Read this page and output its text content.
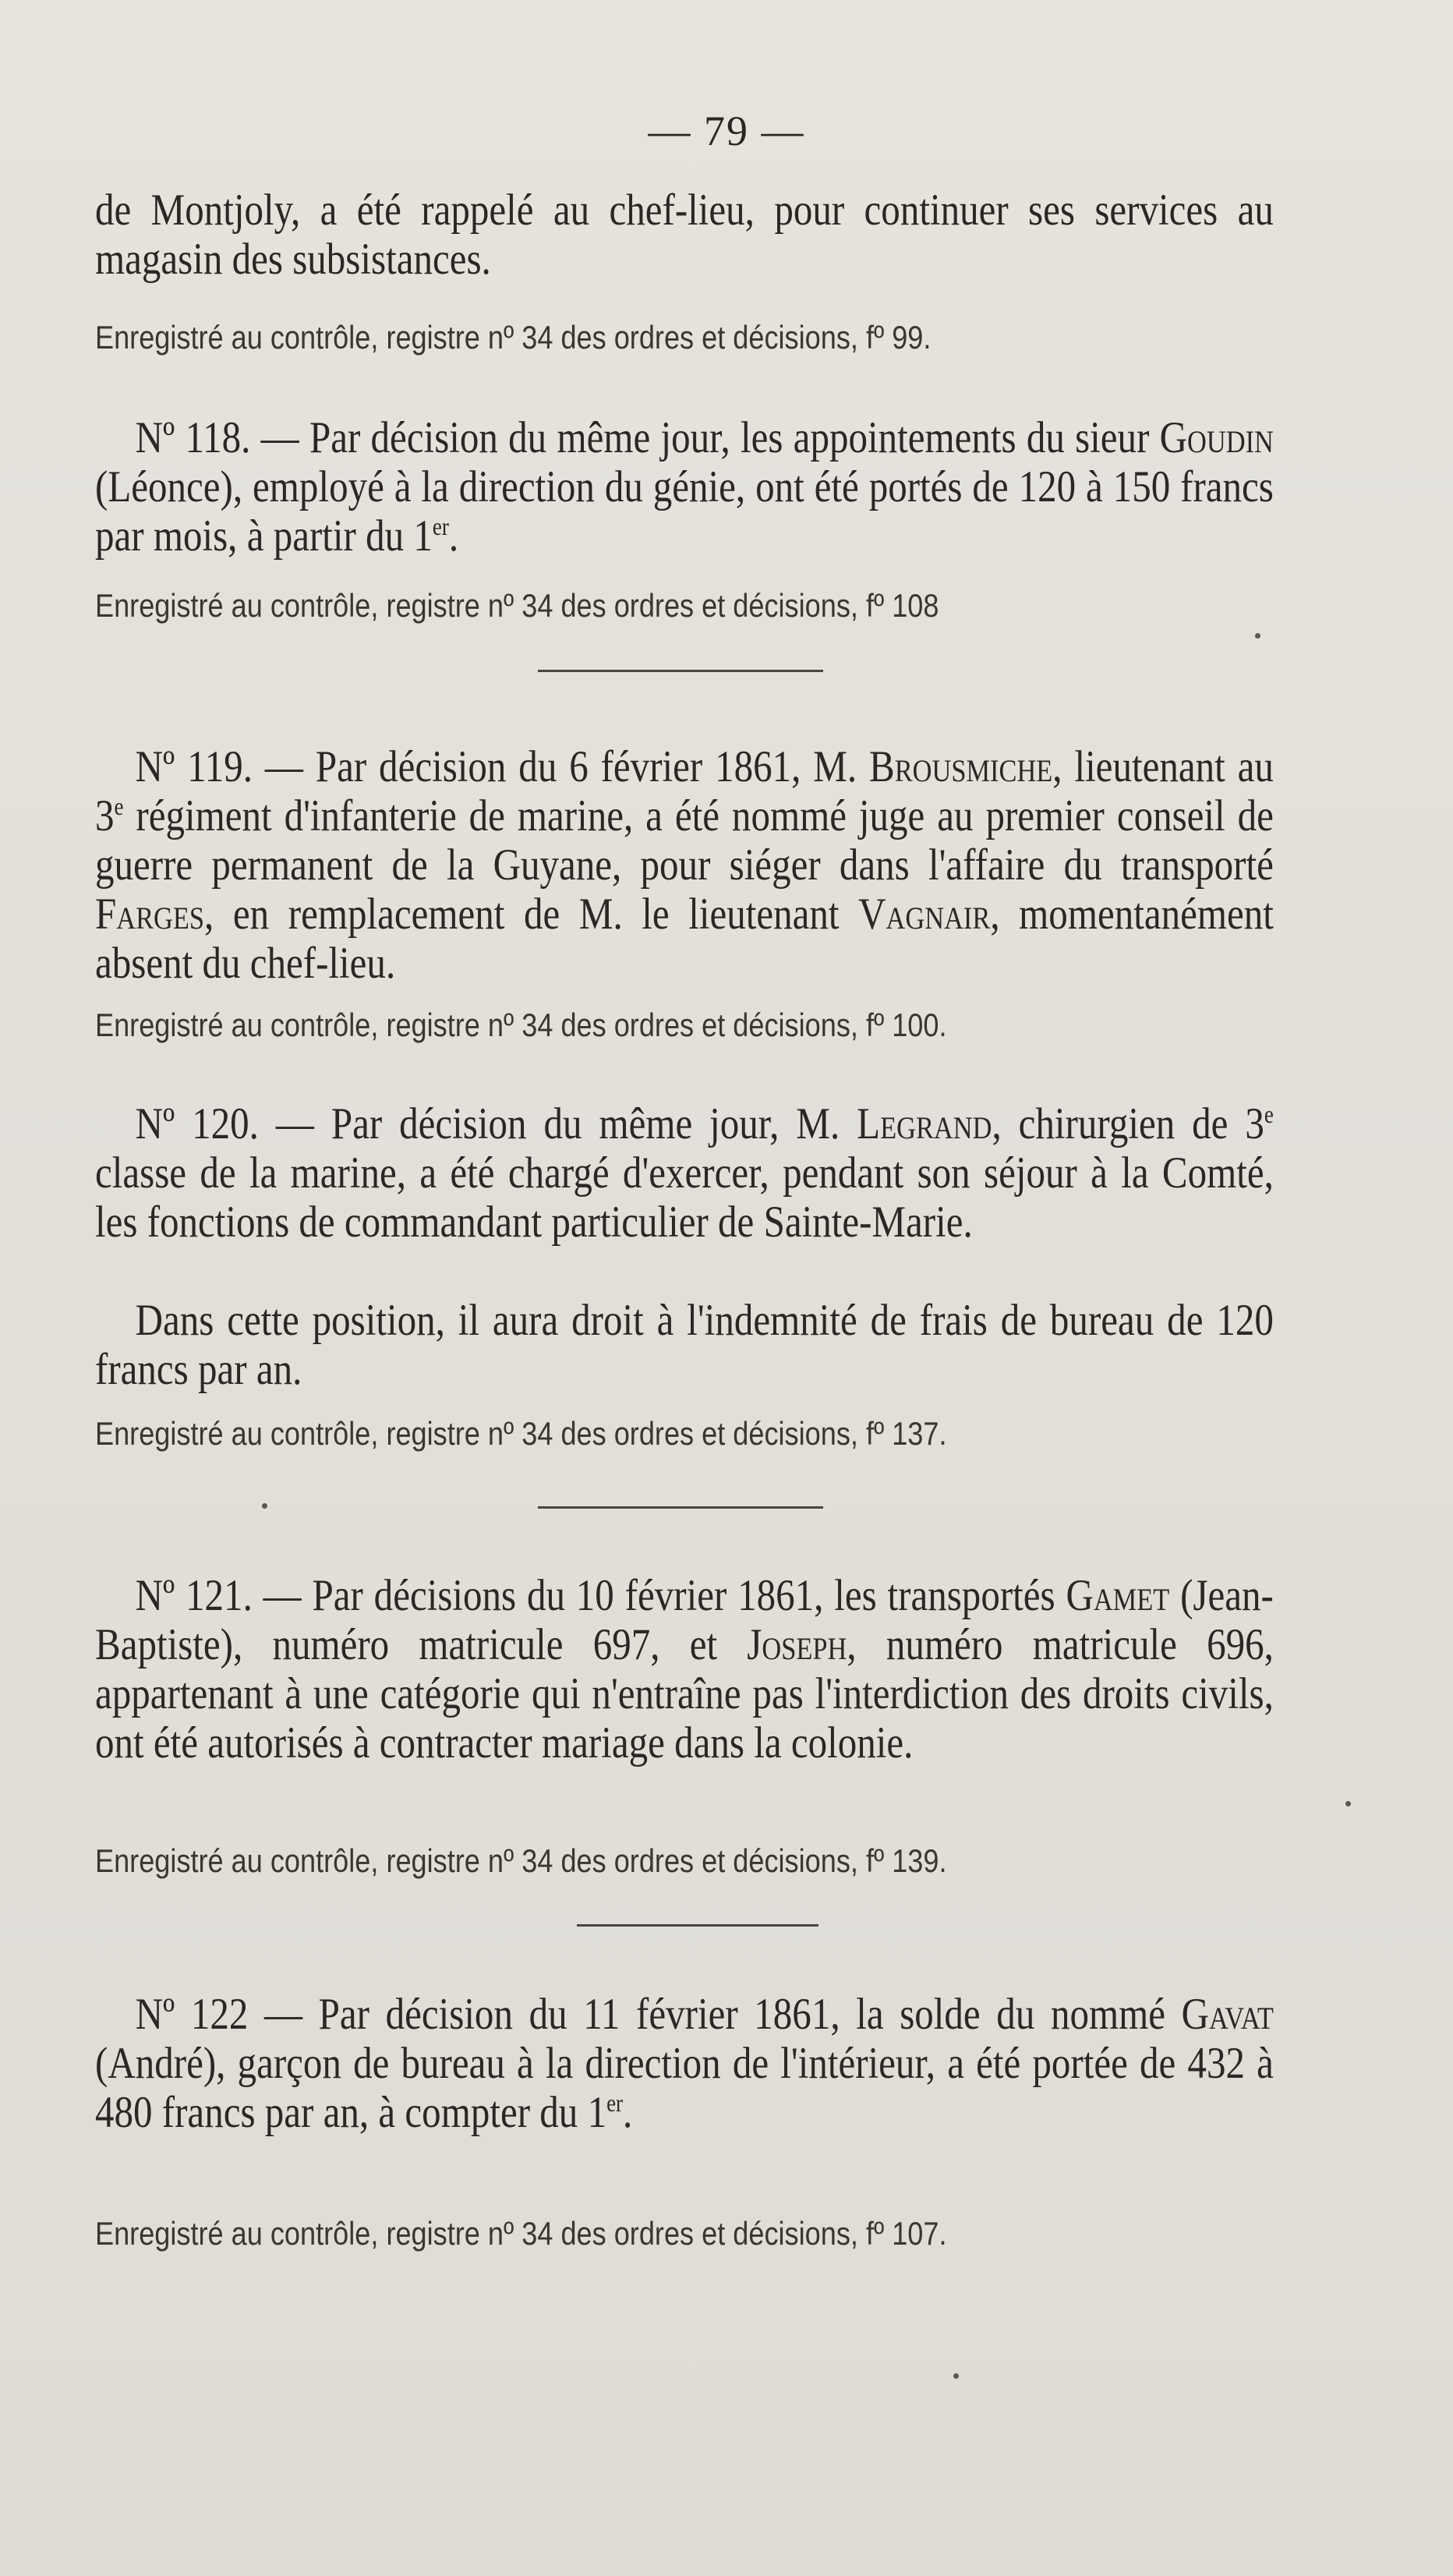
— 79 —

de Montjoly, a été rappelé au chef-lieu, pour continuer ses services au magasin des subsistances.

Enregistré au contrôle, registre nº 34 des ordres et décisions, fº 99.

Nº 118. — Par décision du même jour, les appointements du sieur Goudin (Léonce), employé à la direction du génie, ont été portés de 120 à 150 francs par mois, à partir du 1er.

Enregistré au contrôle, registre nº 34 des ordres et décisions, fº 108

Nº 119. — Par décision du 6 février 1861, M. Brousmiche, lieutenant au 3e régiment d'infanterie de marine, a été nommé juge au premier conseil de guerre permanent de la Guyane, pour siéger dans l'affaire du transporté Farges, en remplacement de M. le lieutenant Vagnair, momentanément absent du chef-lieu.

Enregistré au contrôle, registre nº 34 des ordres et décisions, fº 100.

Nº 120. — Par décision du même jour, M. Legrand, chirurgien de 3e classe de la marine, a été chargé d'exercer, pendant son séjour à la Comté, les fonctions de commandant particulier de Sainte-Marie.

Dans cette position, il aura droit à l'indemnité de frais de bureau de 120 francs par an.

Enregistré au contrôle, registre nº 34 des ordres et décisions, fº 137.

Nº 121. — Par décisions du 10 février 1861, les transportés Gamet (Jean-Baptiste), numéro matricule 697, et Joseph, numéro matricule 696, appartenant à une catégorie qui n'entraîne pas l'interdiction des droits civils, ont été autorisés à contracter mariage dans la colonie.

Enregistré au contrôle, registre nº 34 des ordres et décisions, fº 139.

Nº 122 — Par décision du 11 février 1861, la solde du nommé Gavat (André), garçon de bureau à la direction de l'intérieur, a été portée de 432 à 480 francs par an, à compter du 1er.

Enregistré au contrôle, registre nº 34 des ordres et décisions, fº 107.
